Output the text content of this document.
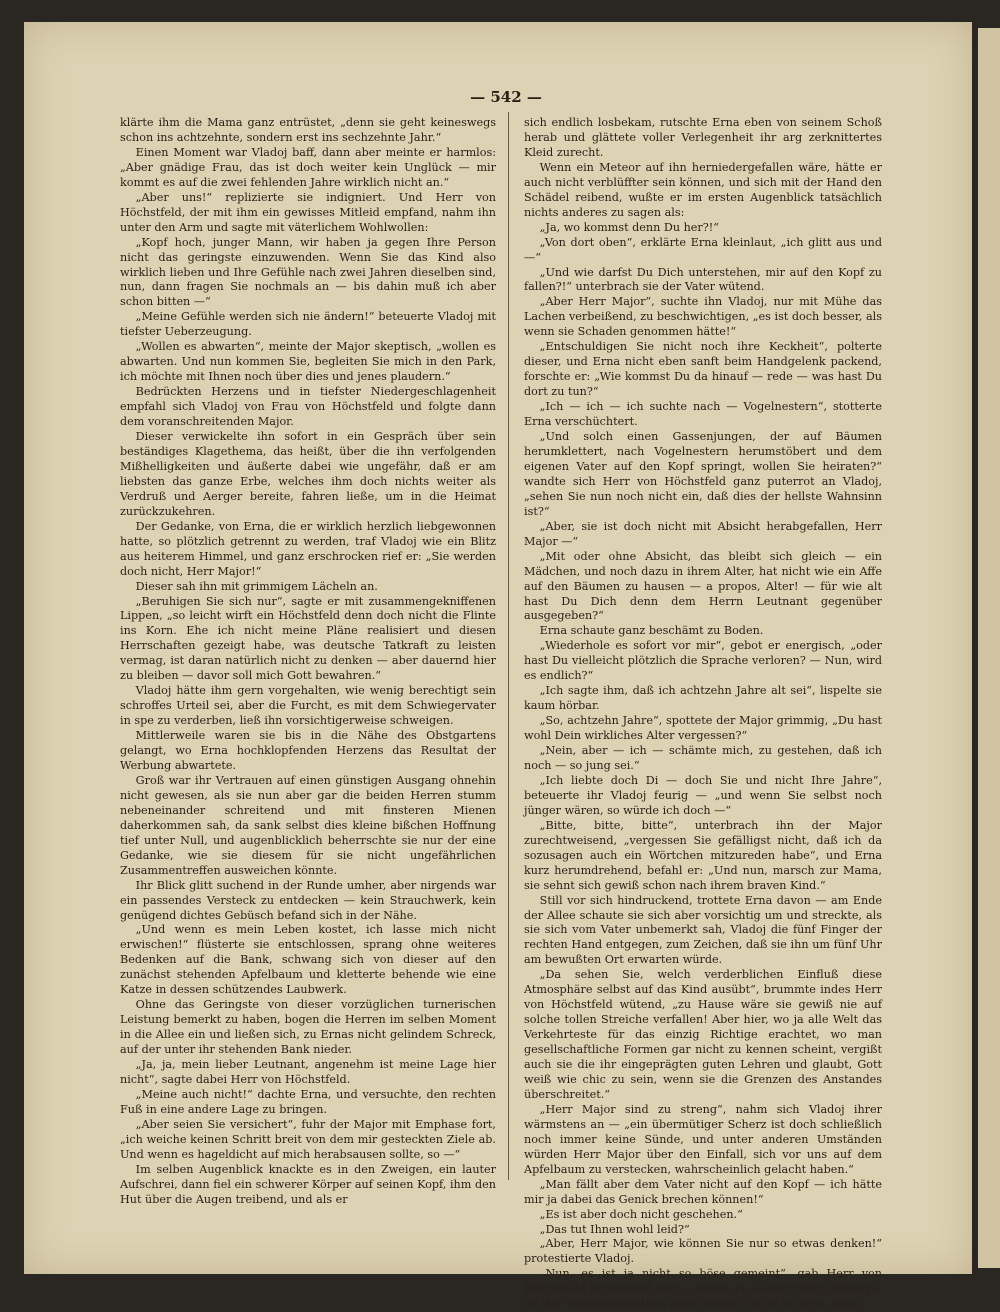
— 542 —

klärte ihm die Mama ganz entrüstet, „denn sie geht keineswegs schon ins achtzehnte, sondern erst ins sechzehnte Jahr.“

Einen Moment war Vladoj baff, dann aber meinte er harmlos: „Aber gnädige Frau, das ist doch weiter kein Unglück — mir kommt es auf die zwei fehlenden Jahre wirklich nicht an.“

„Aber uns!“ replizierte sie indigniert. Und Herr von Höchstfeld, der mit ihm ein gewisses Mitleid empfand, nahm ihn unter den Arm und sagte mit väterlichem Wohlwollen:

„Kopf hoch, junger Mann, wir haben ja gegen Ihre Person nicht das geringste einzuwenden. Wenn Sie das Kind also wirklich lieben und Ihre Gefühle nach zwei Jahren dieselben sind, nun, dann fragen Sie nochmals an — bis dahin muß ich aber schon bitten —“

„Meine Gefühle werden sich nie ändern!“ beteuerte Vladoj mit tiefster Ueberzeugung.

„Wollen es abwarten“, meinte der Major skeptisch, „wollen es abwarten. Und nun kommen Sie, begleiten Sie mich in den Park, ich möchte mit Ihnen noch über dies und jenes plaudern.“

Bedrückten Herzens und in tiefster Niedergeschlagenheit empfahl sich Vladoj von Frau von Höchstfeld und folgte dann dem voranschreitenden Major.

Dieser verwickelte ihn sofort in ein Gespräch über sein beständiges Klagethema, das heißt, über die ihn verfolgenden Mißhelligkeiten und äußerte dabei wie ungefähr, daß er am liebsten das ganze Erbe, welches ihm doch nichts weiter als Verdruß und Aerger bereite, fahren ließe, um in die Heimat zurückzukehren.

Der Gedanke, von Erna, die er wirklich herzlich liebgewonnen hatte, so plötzlich getrennt zu werden, traf Vladoj wie ein Blitz aus heiterem Himmel, und ganz erschrocken rief er: „Sie werden doch nicht, Herr Major!“

Dieser sah ihn mit grimmigem Lächeln an.

„Beruhigen Sie sich nur“, sagte er mit zusammengekniffenen Lippen, „so leicht wirft ein Höchstfeld denn doch nicht die Flinte ins Korn. Ehe ich nicht meine Pläne realisiert und diesen Herrschaften gezeigt habe, was deutsche Tatkraft zu leisten vermag, ist daran natürlich nicht zu denken — aber dauernd hier zu bleiben — davor soll mich Gott bewahren.“

Vladoj hätte ihm gern vorgehalten, wie wenig berechtigt sein schroffes Urteil sei, aber die Furcht, es mit dem Schwiegervater in spe zu verderben, ließ ihn vorsichtigerweise schweigen.

Mittlerweile waren sie bis in die Nähe des Obstgartens gelangt, wo Erna hochklopfenden Herzens das Resultat der Werbung abwartete.

Groß war ihr Vertrauen auf einen günstigen Ausgang ohnehin nicht gewesen, als sie nun aber gar die beiden Herren stumm nebeneinander schreitend und mit finsteren Mienen daherkommen sah, da sank selbst dies kleine bißchen Hoffnung tief unter Null, und augenblicklich beherrschte sie nur der eine Gedanke, wie sie diesem für sie nicht ungefährlichen Zusammentreffen ausweichen könnte.

Ihr Blick glitt suchend in der Runde umher, aber nirgends war ein passendes Versteck zu entdecken — kein Strauchwerk, kein genügend dichtes Gebüsch befand sich in der Nähe.

„Und wenn es mein Leben kostet, ich lasse mich nicht erwischen!“ flüsterte sie entschlossen, sprang ohne weiteres Bedenken auf die Bank, schwang sich von dieser auf den zunächst stehenden Apfelbaum und kletterte behende wie eine Katze in dessen schützendes Laubwerk.

Ohne das Geringste von dieser vorzüglichen turnerischen Leistung bemerkt zu haben, bogen die Herren im selben Moment in die Allee ein und ließen sich, zu Ernas nicht gelindem Schreck, auf der unter ihr stehenden Bank nieder.

„Ja, ja, mein lieber Leutnant, angenehm ist meine Lage hier nicht“, sagte dabei Herr von Höchstfeld.

„Meine auch nicht!“ dachte Erna, und versuchte, den rechten Fuß in eine andere Lage zu bringen.

„Aber seien Sie versichert“, fuhr der Major mit Emphase fort, „ich weiche keinen Schritt breit von dem mir gesteckten Ziele ab. Und wenn es hageldicht auf mich herabsausen sollte, so —“

Im selben Augenblick knackte es in den Zweigen, ein lauter Aufschrei, dann fiel ein schwerer Körper auf seinen Kopf, ihm den Hut über die Augen treibend, und als er

sich endlich losbekam, rutschte Erna eben von seinem Schoß herab und glättete voller Verlegenheit ihr arg zerknittertes Kleid zurecht.

Wenn ein Meteor auf ihn herniedergefallen wäre, hätte er auch nicht verblüffter sein können, und sich mit der Hand den Schädel reibend, wußte er im ersten Augenblick tatsächlich nichts anderes zu sagen als:

„Ja, wo kommst denn Du her?!“

„Von dort oben“, erklärte Erna kleinlaut, „ich glitt aus und —“

„Und wie darfst Du Dich unterstehen, mir auf den Kopf zu fallen?!“ unterbrach sie der Vater wütend.

„Aber Herr Major“, suchte ihn Vladoj, nur mit Mühe das Lachen verbeißend, zu beschwichtigen, „es ist doch besser, als wenn sie Schaden genommen hätte!“

„Entschuldigen Sie nicht noch ihre Keckheit“, polterte dieser, und Erna nicht eben sanft beim Handgelenk packend, forschte er: „Wie kommst Du da hinauf — rede — was hast Du dort zu tun?“

„Ich — ich — ich suchte nach — Vogelnestern“, stotterte Erna verschüchtert.

„Und solch einen Gassenjungen, der auf Bäumen herumklettert, nach Vogelnestern herumstöbert und dem eigenen Vater auf den Kopf springt, wollen Sie heiraten?“ wandte sich Herr von Höchstfeld ganz puterrot an Vladoj, „sehen Sie nun noch nicht ein, daß dies der hellste Wahnsinn ist?“

„Aber, sie ist doch nicht mit Absicht herabgefallen, Herr Major —“

„Mit oder ohne Absicht, das bleibt sich gleich — ein Mädchen, und noch dazu in ihrem Alter, hat nicht wie ein Affe auf den Bäumen zu hausen — a propos, Alter! — für wie alt hast Du Dich denn dem Herrn Leutnant gegenüber ausgegeben?“

Erna schaute ganz beschämt zu Boden.

„Wiederhole es sofort vor mir“, gebot er energisch, „oder hast Du vielleicht plötzlich die Sprache verloren? — Nun, wird es endlich?“

„Ich sagte ihm, daß ich achtzehn Jahre alt sei“, lispelte sie kaum hörbar.

„So, achtzehn Jahre“, spottete der Major grimmig, „Du hast wohl Dein wirkliches Alter vergessen?“

„Nein, aber — ich — schämte mich, zu gestehen, daß ich noch — so jung sei.“

„Ich liebte doch Di — doch Sie und nicht Ihre Jahre“, beteuerte ihr Vladoj feurig — „und wenn Sie selbst noch jünger wären, so würde ich doch —“

„Bitte, bitte, bitte“, unterbrach ihn der Major zurechtweisend, „vergessen Sie gefälligst nicht, daß ich da sozusagen auch ein Wörtchen mitzureden habe“, und Erna kurz herumdrehend, befahl er: „Und nun, marsch zur Mama, sie sehnt sich gewiß schon nach ihrem braven Kind.“

Still vor sich hindruckend, trottete Erna davon — am Ende der Allee schaute sie sich aber vorsichtig um und streckte, als sie sich vom Vater unbemerkt sah, Vladoj die fünf Finger der rechten Hand entgegen, zum Zeichen, daß sie ihn um fünf Uhr am bewußten Ort erwarten würde.

„Da sehen Sie, welch verderblichen Einfluß diese Atmosphäre selbst auf das Kind ausübt“, brummte indes Herr von Höchstfeld wütend, „zu Hause wäre sie gewiß nie auf solche tollen Streiche verfallen! Aber hier, wo ja alle Welt das Verkehrteste für das einzig Richtige erachtet, wo man gesellschaftliche Formen gar nicht zu kennen scheint, vergißt auch sie die ihr eingeprägten guten Lehren und glaubt, Gott weiß wie chic zu sein, wenn sie die Grenzen des Anstandes überschreitet.“

„Herr Major sind zu streng“, nahm sich Vladoj ihrer wärmstens an — „ein übermütiger Scherz ist doch schließlich noch immer keine Sünde, und unter anderen Umständen würden Herr Major über den Einfall, sich vor uns auf dem Apfelbaum zu verstecken, wahrscheinlich gelacht haben.“

„Man fällt aber dem Vater nicht auf den Kopf — ich hätte mir ja dabei das Genick brechen können!“

„Es ist aber doch nicht geschehen.“

„Das tut Ihnen wohl leid?“

„Aber, Herr Major, wie können Sie nur so etwas denken!“ protestierte Vladoj.

„Nun, es ist ja nicht so böse gemeint“, gab Herr von Höchstfeld brummend nach, „wenn ich es mir ruhig überlege, ist ihre Schuld eigentlich auch wirklich nicht so groß, denn
